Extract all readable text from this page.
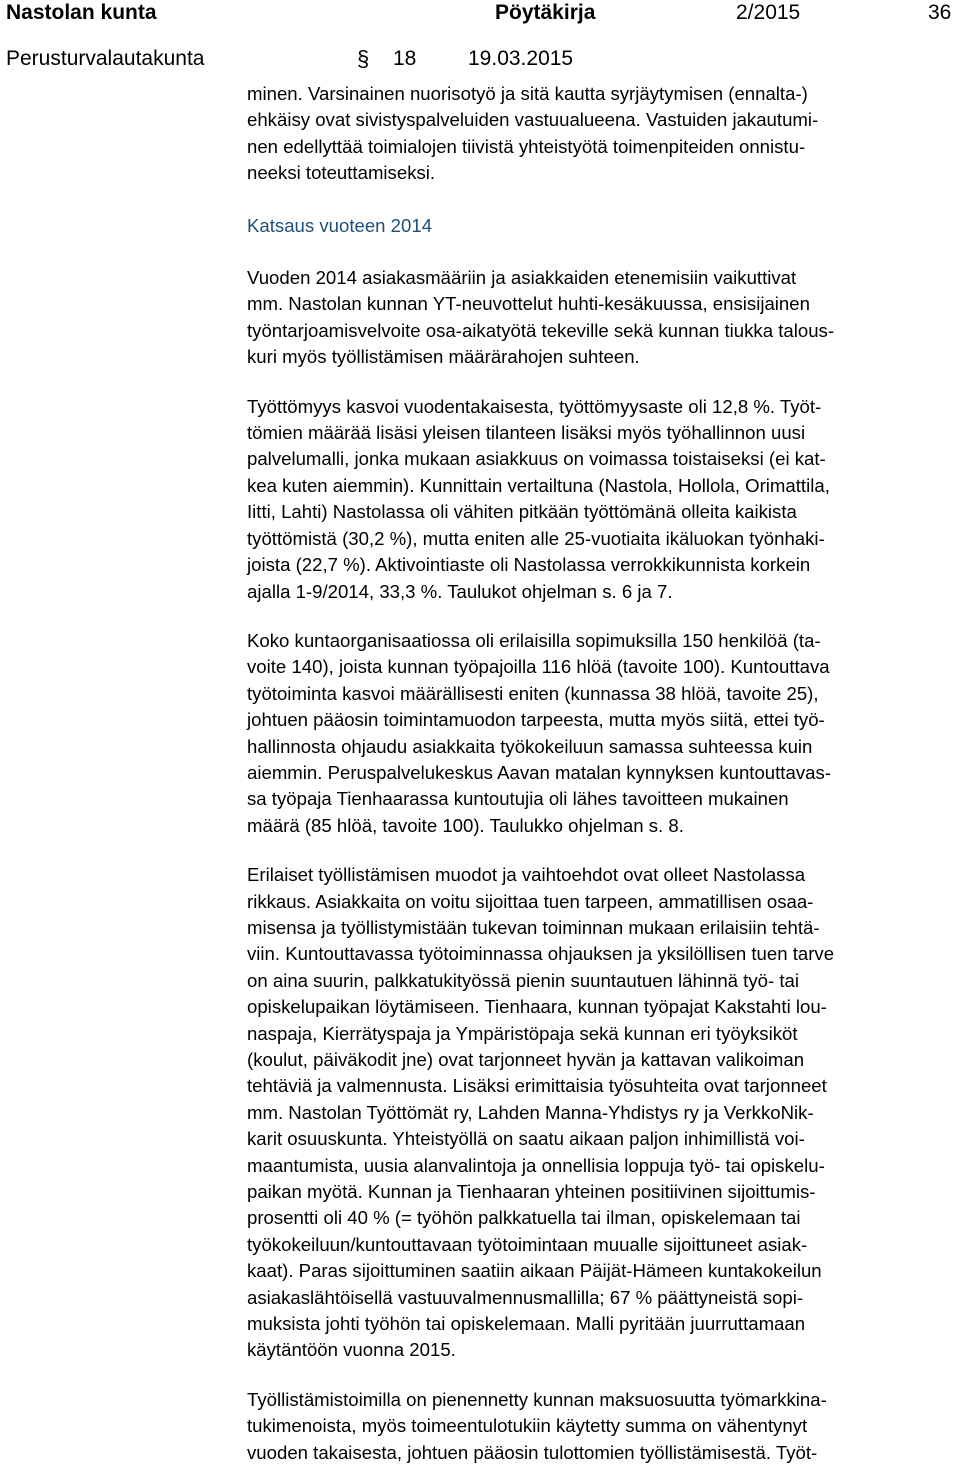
Nastolan kunta	Pöytäkirja	2/2015	36
Perusturvalautakunta	§ 18 19.03.2015

minen. Varsinainen nuorisotyö ja sitä kautta syrjäytymisen (ennalta-)
ehkäisy ovat sivistyspalveluiden vastuualueena. Vastuiden jakautumi-
nen edellyttää toimialojen tiivistä yhteistyötä toimenpiteiden onnistu-
neeksi toteuttamiseksi.

Katsaus vuoteen 2014

Vuoden 2014 asiakasmääriin ja asiakkaiden etenemisiin vaikuttivat
mm. Nastolan kunnan YT-neuvottelut huhti-kesäkuussa, ensisijainen
työntarjoamisvelvoite osa-aikatyötä tekeville sekä kunnan tiukka talous-
kuri myös työllistämisen määrärahojen suhteen.

Työttömyys kasvoi vuodentakaisesta, työttömyysaste oli 12,8 %. Työt-
tömien määrää lisäsi yleisen tilanteen lisäksi myös työhallinnon uusi
palvelumalli, jonka mukaan asiakkuus on voimassa toistaiseksi (ei kat-
kea kuten aiemmin). Kunnittain vertailtuna (Nastola, Hollola, Orimattila,
Iitti, Lahti) Nastolassa oli vähiten pitkään työttömänä olleita kaikista
työttömistä (30,2 %), mutta eniten alle 25-vuotiaita ikäluokan työnhaki-
joista (22,7 %). Aktivointiaste oli Nastolassa verrokkikunnista korkein
ajalla 1-9/2014, 33,3 %. Taulukot ohjelman s. 6 ja 7.

Koko kuntaorganisaatiossa oli erilaisilla sopimuksilla 150 henkilöä (ta-
voite 140), joista kunnan työpajoilla 116 hlöä (tavoite 100). Kuntouttava
työtoiminta kasvoi määrällisesti eniten (kunnassa 38 hlöä, tavoite 25),
johtuen pääosin toimintamuodon tarpeesta, mutta myös siitä, ettei työ-
hallinnosta ohjaudu asiakkaita työkokeiluun samassa suhteessa kuin
aiemmin. Peruspalvelukeskus Aavan matalan kynnyksen kuntouttavas-
sa työpaja Tienhaarassa kuntoutujia oli lähes tavoitteen mukainen
määrä (85 hlöä, tavoite 100). Taulukko ohjelman s. 8.

Erilaiset työllistämisen muodot ja vaihtoehdot ovat olleet Nastolassa
rikkaus. Asiakkaita on voitu sijoittaa tuen tarpeen, ammatillisen osaa-
misensa ja työllistymistään tukevan toiminnan mukaan erilaisiin tehtä-
viin. Kuntouttavassa työtoiminnassa ohjauksen ja yksilöllisen tuen tarve
on aina suurin, palkkatukityössä pienin suuntautuen lähinnä työ- tai
opiskelupaikan löytämiseen. Tienhaara, kunnan työpajat Kakstahti lou-
naspaja, Kierrätyspaja ja Ympäristöpaja sekä kunnan eri työyksiköt
(koulut, päiväkodit jne) ovat tarjonneet hyvän ja kattavan valikoiman
tehtäviä ja valmennusta. Lisäksi erimittaisia työsuhteita ovat tarjonneet
mm. Nastolan Työttömät ry, Lahden Manna-Yhdistys ry ja VerkkoNik-
karit osuuskunta. Yhteistyöllä on saatu aikaan paljon inhimillistä voi-
maantumista, uusia alanvalintoja ja onnellisia loppuja työ- tai opiskelu-
paikan myötä. Kunnan ja Tienhaaran yhteinen positiivinen sijoittumis-
prosentti oli 40 % (= työhön palkkatuella tai ilman, opiskelemaan tai
työkokeiluun/kuntouttavaan työtoimintaan muualle sijoittuneet asiak-
kaat). Paras sijoittuminen saatiin aikaan Päijät-Hämeen kuntakokeilun
asiakaslähtöisellä vastuuvalmennusmallilla; 67 % päättyneistä sopi-
muksista johti työhön tai opiskelemaan. Malli pyritään juurruttamaan
käytäntöön vuonna 2015.

Työllistämistoimilla on pienennetty kunnan maksuosuutta työmarkkina-
tukimenoista, myös toimeentulotukiin käytetty summa on vähentynyt
vuoden takaisesta, johtuen pääosin tulottomien työllistämisestä. Työt-
